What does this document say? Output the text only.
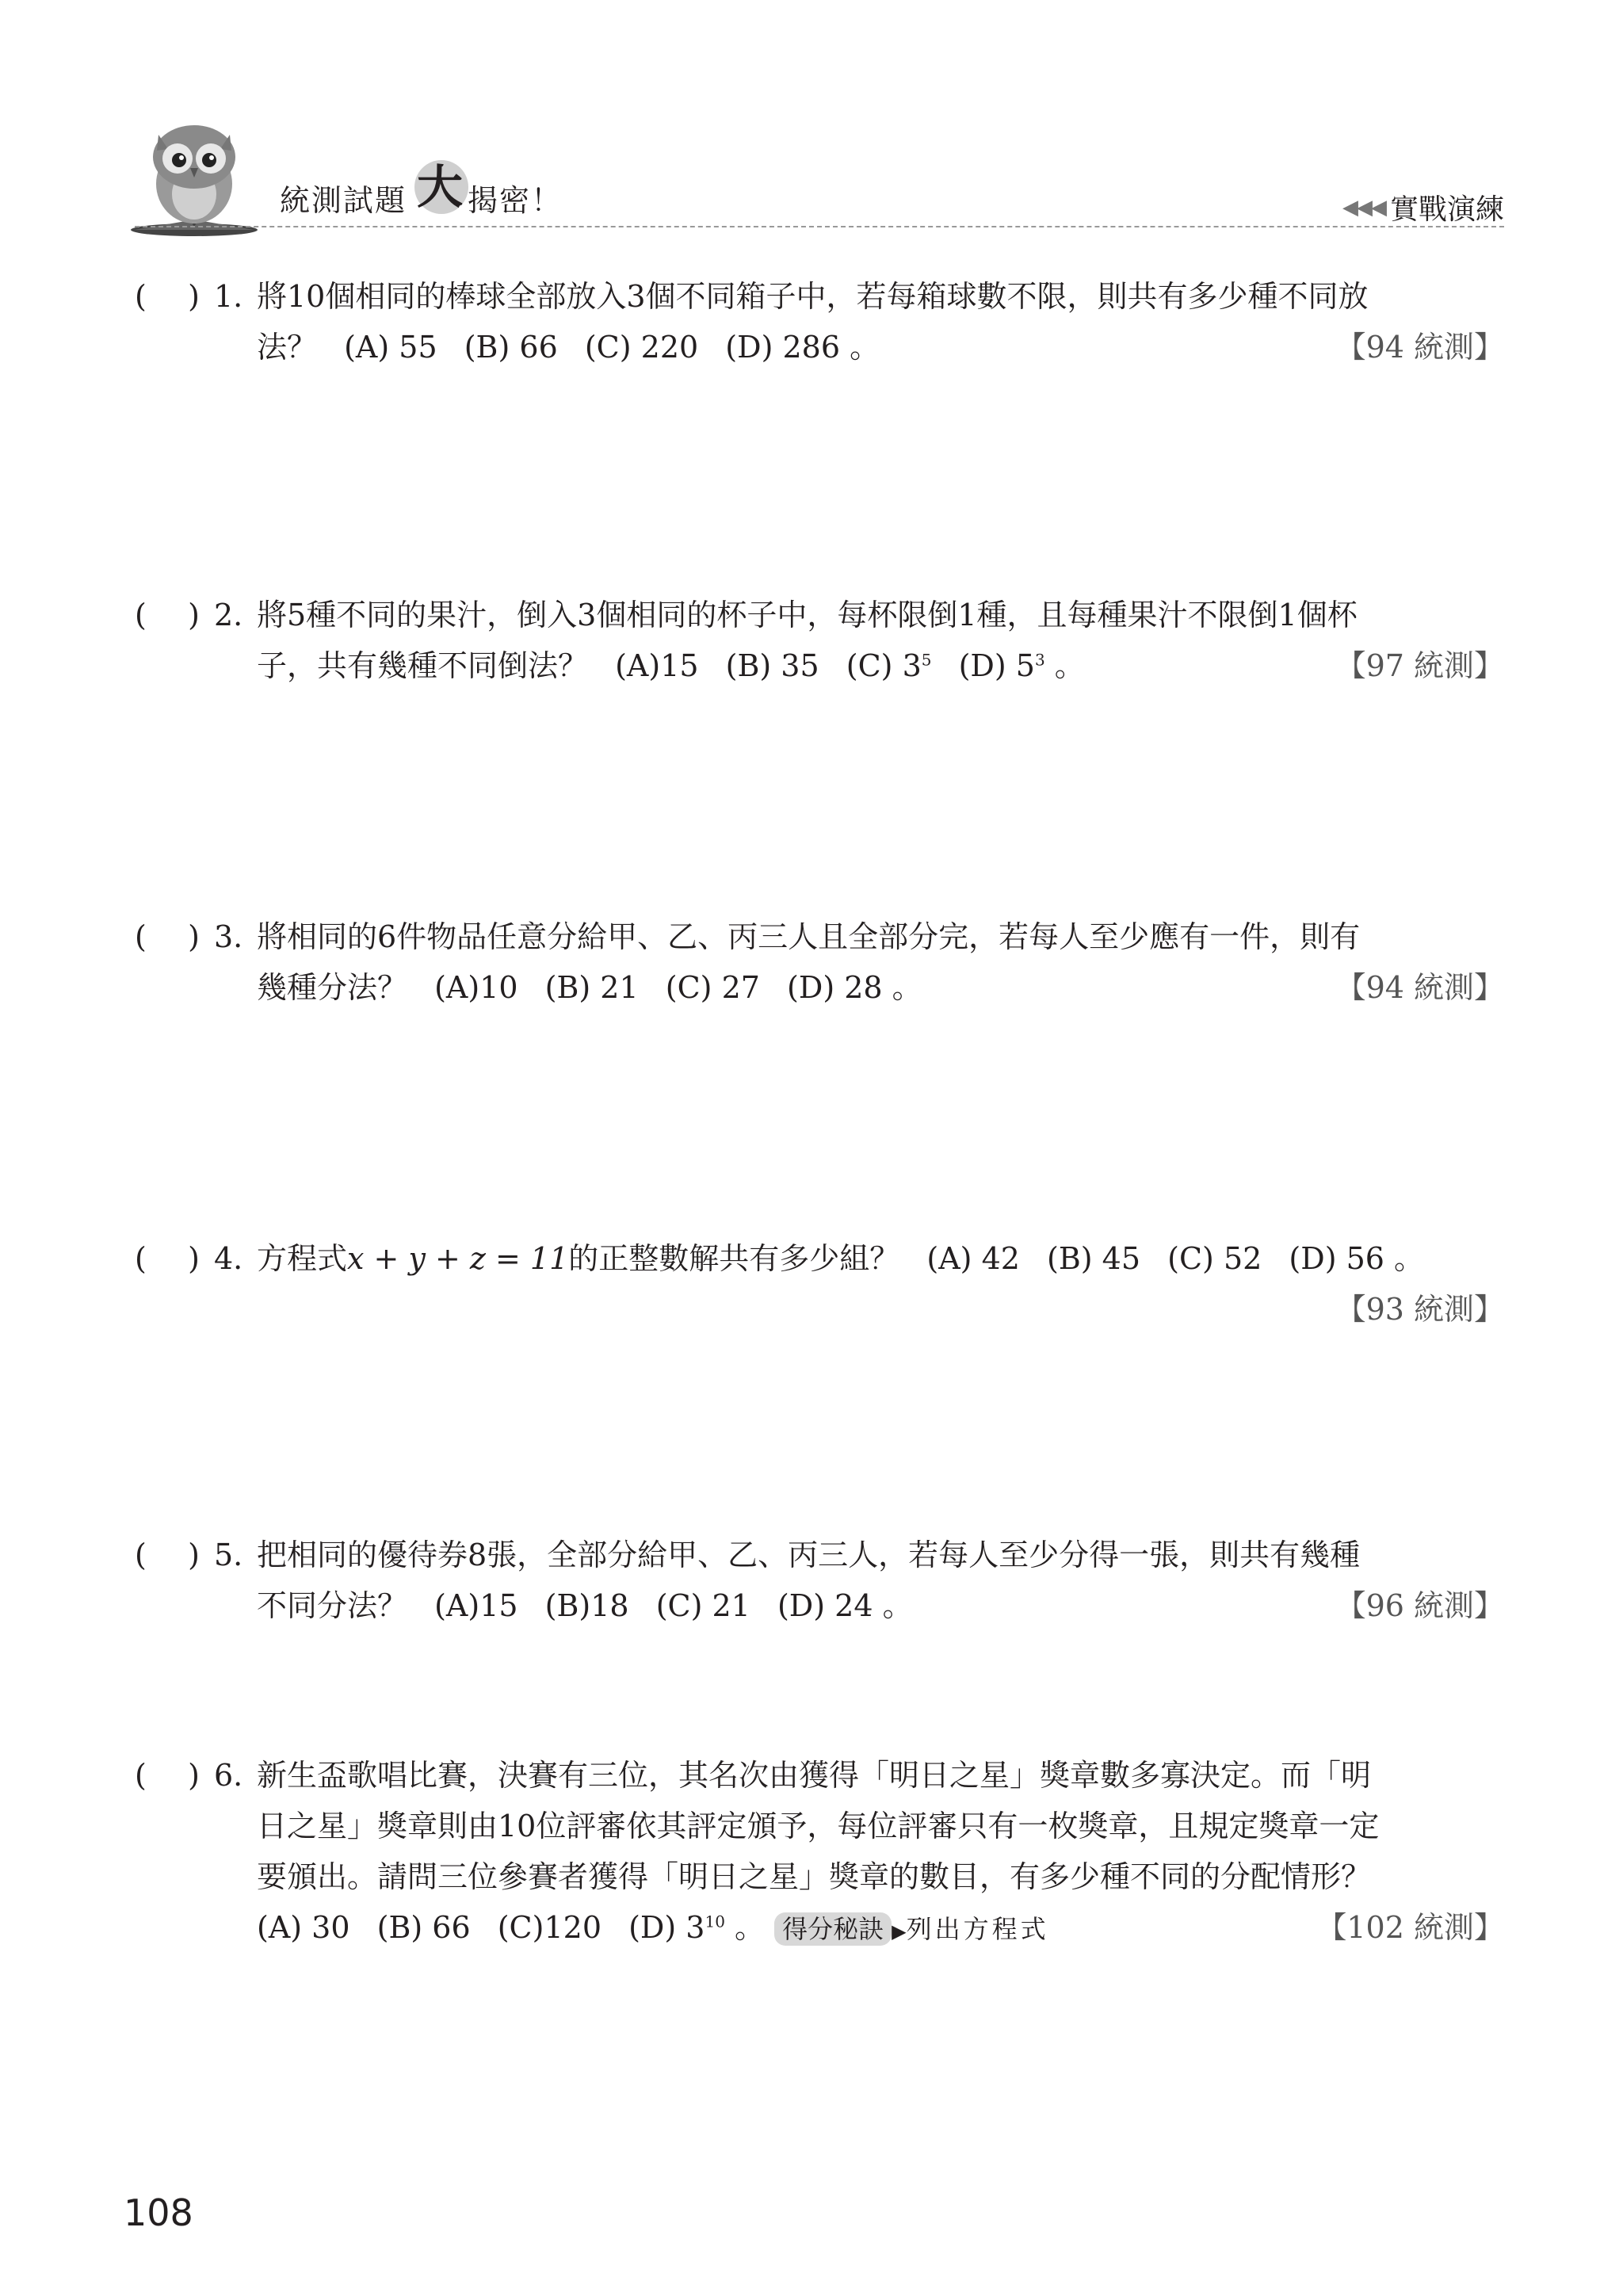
統測試題 大 揭密！	◀◀◀ 實戰演練
( ) 1. 將10個相同的棒球全部放入3個不同箱子中，若每箱球數不限，則共有多少種不同放
法？ (A) 55 (B) 66 (C) 220 (D) 286 。	【94 統測】
( ) 2. 將5種不同的果汁，倒入3個相同的杯子中，每杯限倒1種，且每種果汁不限倒1個杯
子，共有幾種不同倒法？ (A)15 (B) 35 (C) $3^5$ (D) $5^3$ 。	【97 統測】
( ) 3. 將相同的6件物品任意分給甲、乙、丙三人且全部分完，若每人至少應有一件，則有
幾種分法？ (A)10 (B) 21 (C) 27 (D) 28 。	【94 統測】
( ) 4. 方程式x + y + z = 11的正整數解共有多少組？ (A) 42 (B) 45 (C) 52 (D) 56 。
【93 統測】
( ) 5. 把相同的優待券8張，全部分給甲、乙、丙三人，若每人至少分得一張，則共有幾種
不同分法？ (A)15 (B)18 (C) 21 (D) 24 。	【96 統測】
( ) 6. 新生盃歌唱比賽，決賽有三位，其名次由獲得「明日之星」獎章數多寡決定。而「明
日之星」獎章則由10位評審依其評定頒予，每位評審只有一枚獎章，且規定獎章一定
要頒出。請問三位參賽者獲得「明日之星」獎章的數目，有多少種不同的分配情形？
(A) 30 (B) 66 (C)120 (D) $3^{10}$ 。 得分秘訣 ▶列出方程式	【102 統測】
108
